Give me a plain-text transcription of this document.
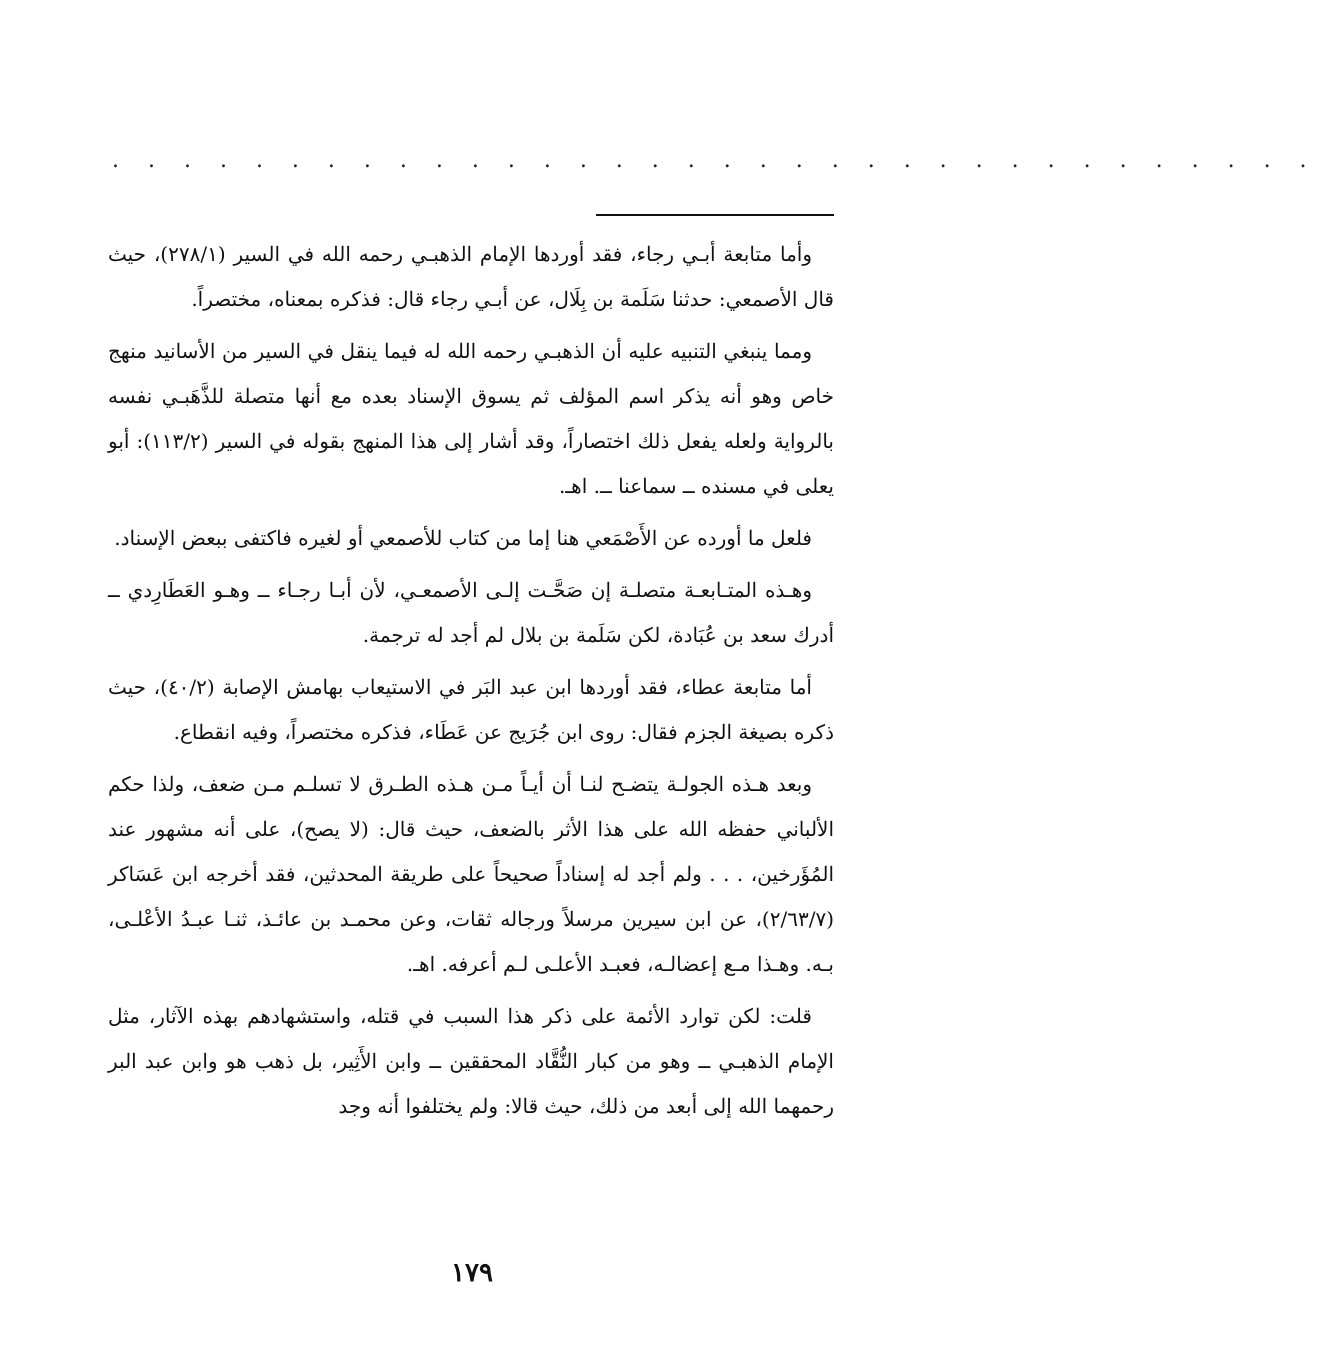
. . . . . . . . . . . . . . . . . . . . . . . . . . . . . . . . . .

وأما متابعة أبـي رجاء، فقد أوردها الإمام الذهبـي رحمه الله في السير (٢٧٨/١)، حيث قال الأصمعي: حدثنا سَلَمة بن بِلَال، عن أبـي رجاء قال: فذكره بمعناه، مختصراً.

ومما ينبغي التنبيه عليه أن الذهبـي رحمه الله له فيما ينقل في السير من الأسانيد منهج خاص وهو أنه يذكر اسم المؤلف ثم يسوق الإسناد بعده مع أنها متصلة للذَّهَبـي نفسه بالرواية ولعله يفعل ذلك اختصاراً، وقد أشار إلى هذا المنهج بقوله في السير (١١٣/٢): أبو يعلى في مسنده ــ سماعنا ــ. اهـ.

فلعل ما أورده عن الأَصْمَعي هنا إما من كتاب للأصمعي أو لغيره فاكتفى ببعض الإسناد.

وهـذه المتـابعـة متصلـة إن صَحَّـت إلـى الأصمعـي، لأن أبـا رجـاء ــ وهـو العَطَارِدي ــ أدرك سعد بن عُبَادة، لكن سَلَمة بن بلال لم أجد له ترجمة.

أما متابعة عطاء، فقد أوردها ابن عبد البَر في الاستيعاب بهامش الإصابة (٤٠/٢)، حيث ذكره بصيغة الجزم فقال: روى ابن جُرَيج عن عَطَاء، فذكره مختصراً، وفيه انقطاع.

وبعد هـذه الجولـة يتضـح لنـا أن أيـاً مـن هـذه الطـرق لا تسلـم مـن ضعف، ولذا حكم الألباني حفظه الله على هذا الأثر بالضعف، حيث قال: (لا يصح)، على أنه مشهور عند المُؤَرخين، . . . ولم أجد له إسناداً صحيحاً على طريقة المحدثين، فقد أخرجه ابن عَسَاكر (٢/٦٣/٧)، عن ابن سيرين مرسلاً ورجاله ثقات، وعن محمـد بن عائـذ، ثنـا عبـدُ الأعْلـى، بـه. وهـذا مـع إعضالـه، فعبـد الأعلـى لـم أعرفه. اهـ.

قلت: لكن توارد الأئمة على ذكر هذا السبب في قتله، واستشهادهم بهذه الآثار، مثل الإمام الذهبـي ــ وهو من كبار النُّقَّاد المحققين ــ وابن الأَثِير، بل ذهب هو وابن عبد البر رحمهما الله إلى أبعد من ذلك، حيث قالا: ولم يختلفوا أنه وجد

١٧٩
